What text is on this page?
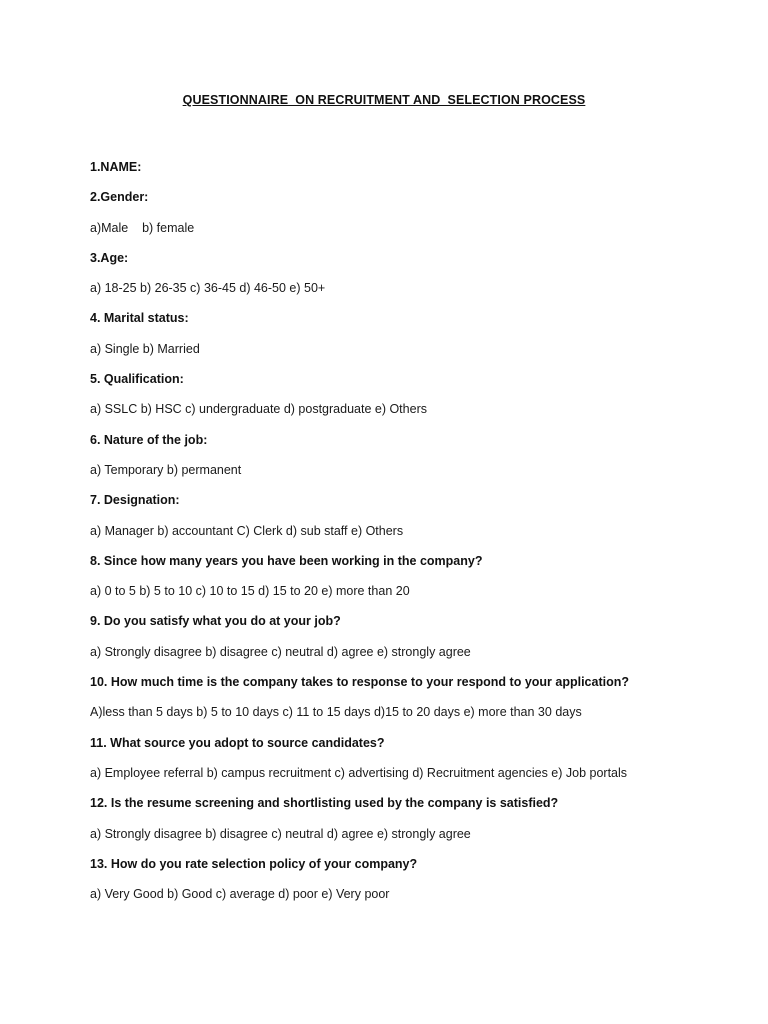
QUESTIONNAIRE  ON RECRUITMENT AND  SELECTION PROCESS
1.NAME:
2.Gender:
a)Male    b) female
3.Age:
a) 18-25 b) 26-35 c) 36-45 d) 46-50 e) 50+
4. Marital status:
a) Single b) Married
5. Qualification:
a) SSLC b) HSC c) undergraduate d) postgraduate e) Others
6. Nature of the job:
a) Temporary b) permanent
7. Designation:
a) Manager b) accountant C) Clerk d) sub staff e) Others
8. Since how many years you have been working in the company?
a) 0 to 5 b) 5 to 10 c) 10 to 15 d) 15 to 20 e) more than 20
9. Do you satisfy what you do at your job?
a) Strongly disagree b) disagree c) neutral d) agree e) strongly agree
10. How much time is the company takes to response to your respond to your application?
A)less than 5 days b) 5 to 10 days c) 11 to 15 days d)15 to 20 days e) more than 30 days
11. What source you adopt to source candidates?
a) Employee referral b) campus recruitment c) advertising d) Recruitment agencies e) Job portals
12. Is the resume screening and shortlisting used by the company is satisfied?
a) Strongly disagree b) disagree c) neutral d) agree e) strongly agree
13. How do you rate selection policy of your company?
a) Very Good b) Good c) average d) poor e) Very poor
